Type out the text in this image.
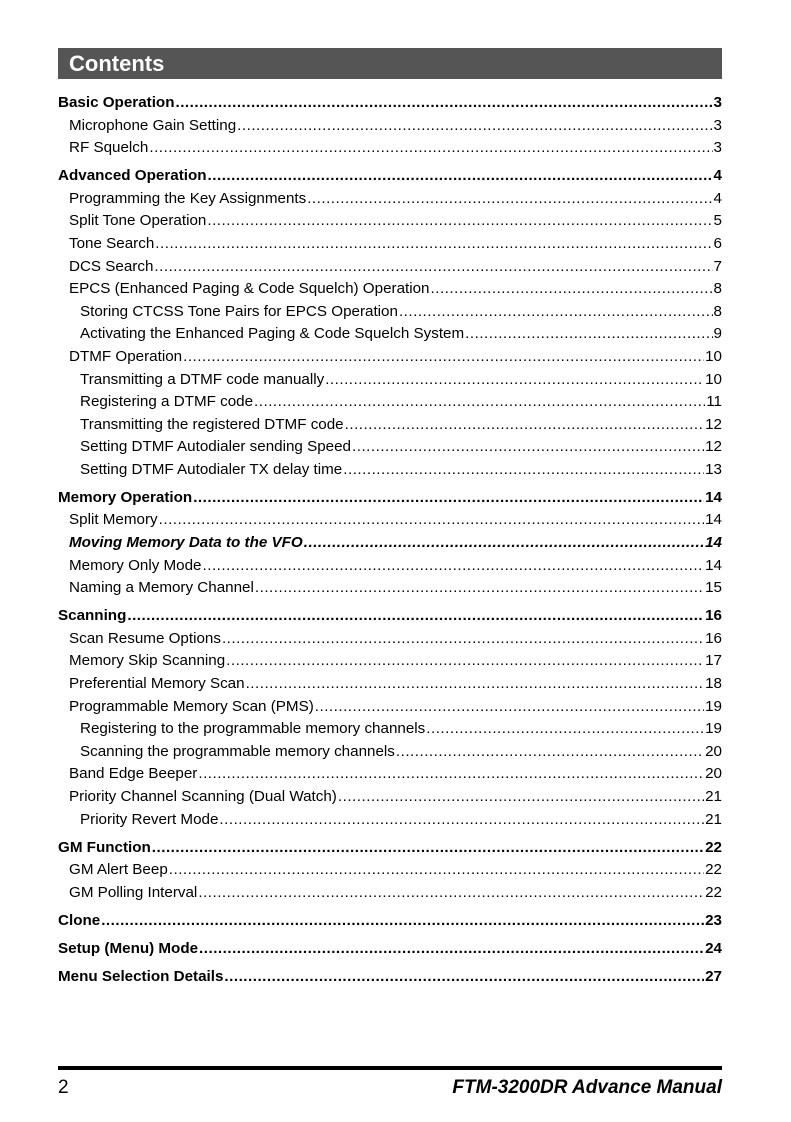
Contents
Basic Operation .....	3
Microphone Gain Setting .....	3
RF Squelch .....	3
Advanced Operation .....	4
Programming the Key Assignments .....	4
Split Tone Operation .....	5
Tone Search .....	6
DCS Search .....	7
EPCS (Enhanced Paging & Code Squelch) Operation .....	8
Storing CTCSS Tone Pairs for EPCS Operation .....	8
Activating the Enhanced Paging & Code Squelch System .....	9
DTMF Operation .....	10
Transmitting a DTMF code manually .....	10
Registering a DTMF code .....	11
Transmitting the registered DTMF code .....	12
Setting DTMF Autodialer sending Speed .....	12
Setting DTMF Autodialer TX delay time .....	13
Memory Operation .....	14
Split Memory .....	14
Moving Memory Data to the VFO .....	14
Memory Only Mode .....	14
Naming a Memory Channel .....	15
Scanning .....	16
Scan Resume Options .....	16
Memory Skip Scanning .....	17
Preferential Memory Scan .....	18
Programmable Memory Scan (PMS) .....	19
Registering to the programmable memory channels .....	19
Scanning the programmable memory channels .....	20
Band Edge Beeper .....	20
Priority Channel Scanning (Dual Watch) .....	21
Priority Revert Mode .....	21
GM Function .....	22
GM Alert Beep .....	22
GM Polling Interval .....	22
Clone .....	23
Setup (Menu) Mode .....	24
Menu Selection Details .....	27
2	FTM-3200DR Advance Manual
